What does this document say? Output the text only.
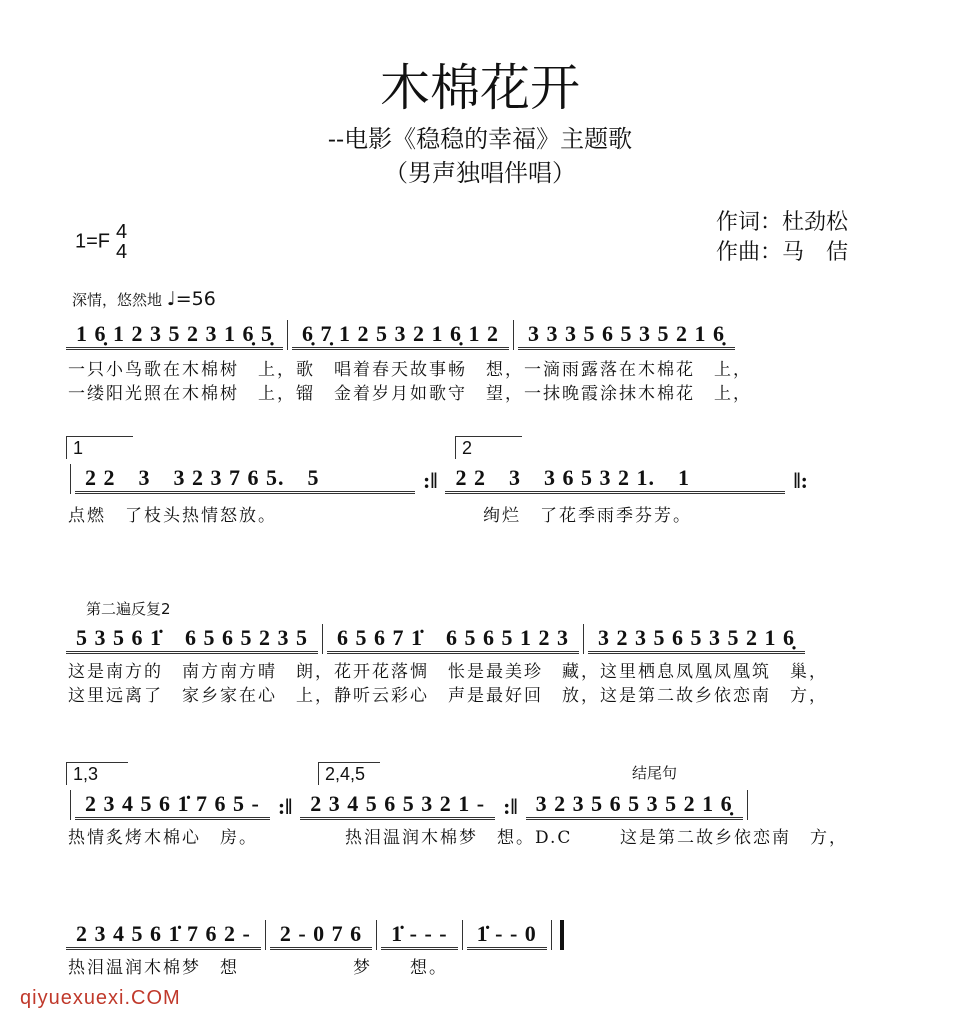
木棉花开
--电影《稳稳的幸福》主题歌
（男声独唱伴唱）
1=F 4
4
作词：杜劲松
作曲：马　佶
深情，悠然地 ♩=56
1 6̣ 1 2 3 5 2 3 1 6̣ 5̣	6̣ 7̣ 1 2 5 3 2 1 6̣ 1 2	3 3 3 5 6 5 3 5 2 1 6̣
一只小鸟歌在木棉树　上，歌　唱着春天故事畅　想，一滴雨露落在木棉花　上，
一缕阳光照在木棉树　上，镏　金着岁月如歌守　望，一抹晚霞涂抹木棉花　上，
1	2
2 2　3　3 2 3 7 6 5.　5	:‖ 2 2　3　3 6 5 3 2 1.　1	‖:
点燃　了枝头热情怒放。	绚烂　了花季雨季芬芳。
第二遍反复2
5 3 5 6 1̇　6 5 6 5 2 3 5	6 5 6 7 1̇　6 5 6 5 1 2 3	3 2 3 5 6 5 3 5 2 1 6̣
这是南方的　南方南方晴　朗，花开花落惆　怅是最美珍　藏，这里栖息凤凰凤凰筑　巢，
这里远离了　家乡家在心　上，静听云彩心　声是最好回　放，这是第二故乡依恋南　方，
1,3	2,4,5	结尾句
2 3 4 5 6 1̇ 7 6 5 - :‖ 2 3 4 5 6 5 3 2 1 - :‖ 3 2 3 5 6 5 3 5 2 1 6̣
热情炙烤木棉心　房。	热泪温润木棉梦　想。D.C	这是第二故乡依恋南　方，
2 3 4 5 6 1̇ 7 6 2 -	2 - 0 7 6	1̇ - - -	1̇ - - 0
热泪温润木棉梦　想　　　　　　梦　　想。
qiyuexuexi.COM
